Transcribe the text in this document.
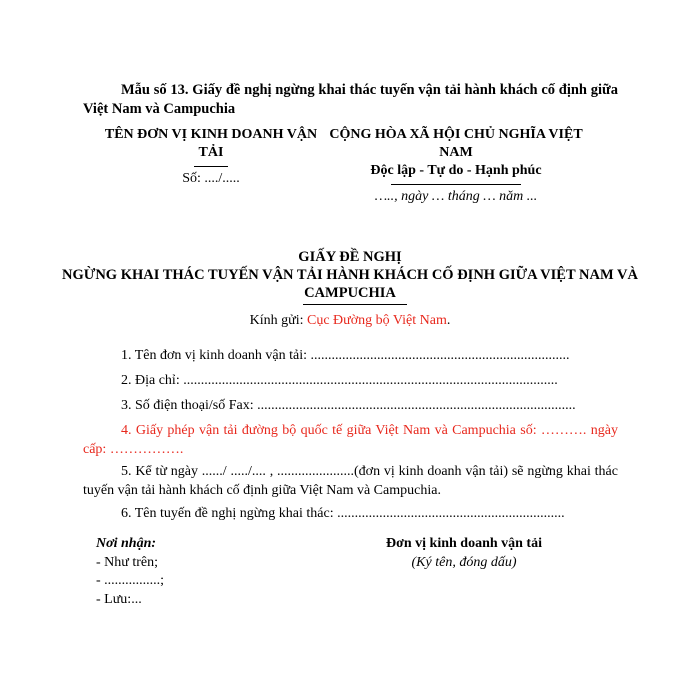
Mẫu số 13. Giấy đề nghị ngừng khai thác tuyến vận tải hành khách cố định giữa Việt Nam và Campuchia
TÊN ĐƠN VỊ KINH DOANH VẬN TẢI
Số: ..../.....
CỘNG HÒA XÃ HỘI CHỦ NGHĨA VIỆT NAM
Độc lập - Tự do - Hạnh phúc
….., ngày … tháng … năm ...
GIẤY ĐỀ NGHỊ
NGỪNG KHAI THÁC TUYẾN VẬN TẢI HÀNH KHÁCH CỐ ĐỊNH GIỮA VIỆT NAM VÀ CAMPUCHIA
Kính gửi: Cục Đường bộ Việt Nam.
1. Tên đơn vị kinh doanh vận tải: ..........................................................................
2. Địa chỉ: ...........................................................................................................
3. Số điện thoại/số Fax: ...........................................................................................
4. Giấy phép vận tải đường bộ quốc tế giữa Việt Nam và Campuchia số: ………. ngày cấp: …………….
5. Kể từ ngày ....../ ...../.... , ......................(đơn vị kinh doanh vận tải) sẽ ngừng khai thác tuyến vận tải hành khách cố định giữa Việt Nam và Campuchia.
6. Tên tuyến đề nghị ngừng khai thác: .................................................................
Nơi nhận:
- Như trên;
- ................;
- Lưu:...
Đơn vị kinh doanh vận tải
(Ký tên, đóng dấu)
